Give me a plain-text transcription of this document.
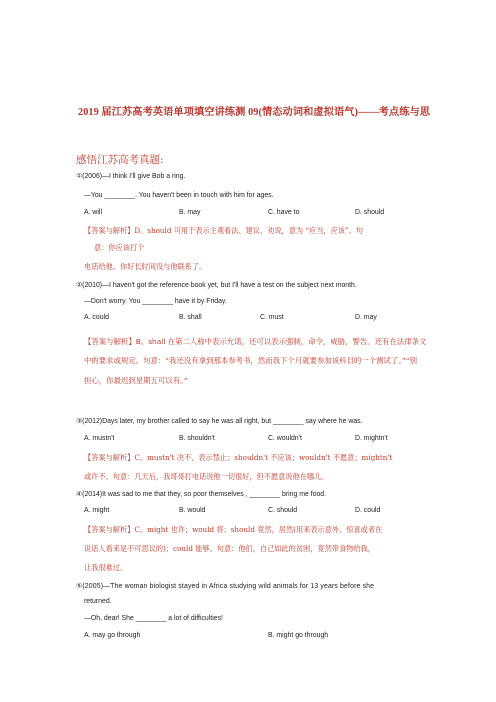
2019 届江苏高考英语单项填空讲练测 09(情态动词和虚拟语气)——考点练与思
感悟江苏高考真题:
①(2006)—I think I'll give Bob a ring.
—You ________. You haven't been in touch with him for ages.
A. will	B. may	C. have to	D. should
【答案与解析】D。should 可用于表示主观看法、建议、劝说，意为 “应当，应该”。句
意：你应该打个
电话给他。你好长时间没与他联系了。
②(2010)—I haven't got the reference book yet, but I'll have a test on the subject next month.
—Don't worry. You ________ have it by Friday.
A. could	B. shall	C. must	D. may
【答案与解析】B。shall 在第二人称中表示允诺，还可以表示强制，命令，威胁，警告。还有在法律条文
中的要求或规定。句意：“我还没有拿到那本参考书，然而我下个月就要参加该科目的一个测试了。”“别
担心，你最迟到星期五可以有。”
③(2012)Days later, my brother called to say he was all right, but ________ say where he was.
A. mustn't	B. shouldn't	C. wouldn't	D. mightn't
【答案与解析】C。mustn't 决不，表示禁止；shouldn't 不应该；wouldn't 不愿意；mightn't
或许不。句意：几天后，我哥哥打电话说他一切很好，但不愿意说他在哪儿。
④(2014)It was sad to me that they, so poor themselves , ________ bring me food.
A. might	B. would	C. should	D. could
【答案与解析】C。might 也许；would 将；should 竟然，居然(用来表示意外、惊喜或者在
说话人看来是不可思议的)；could 能够。句意：他们，自己如此的贫困，竟然带食物给我，
让我很难过。
⑤(2005)—The woman biologist stayed in Africa studying wild animals for 13 years before she
returned.
—Oh, dear! She ________ a lot of difficulties!
A. may go through	B. might go through
